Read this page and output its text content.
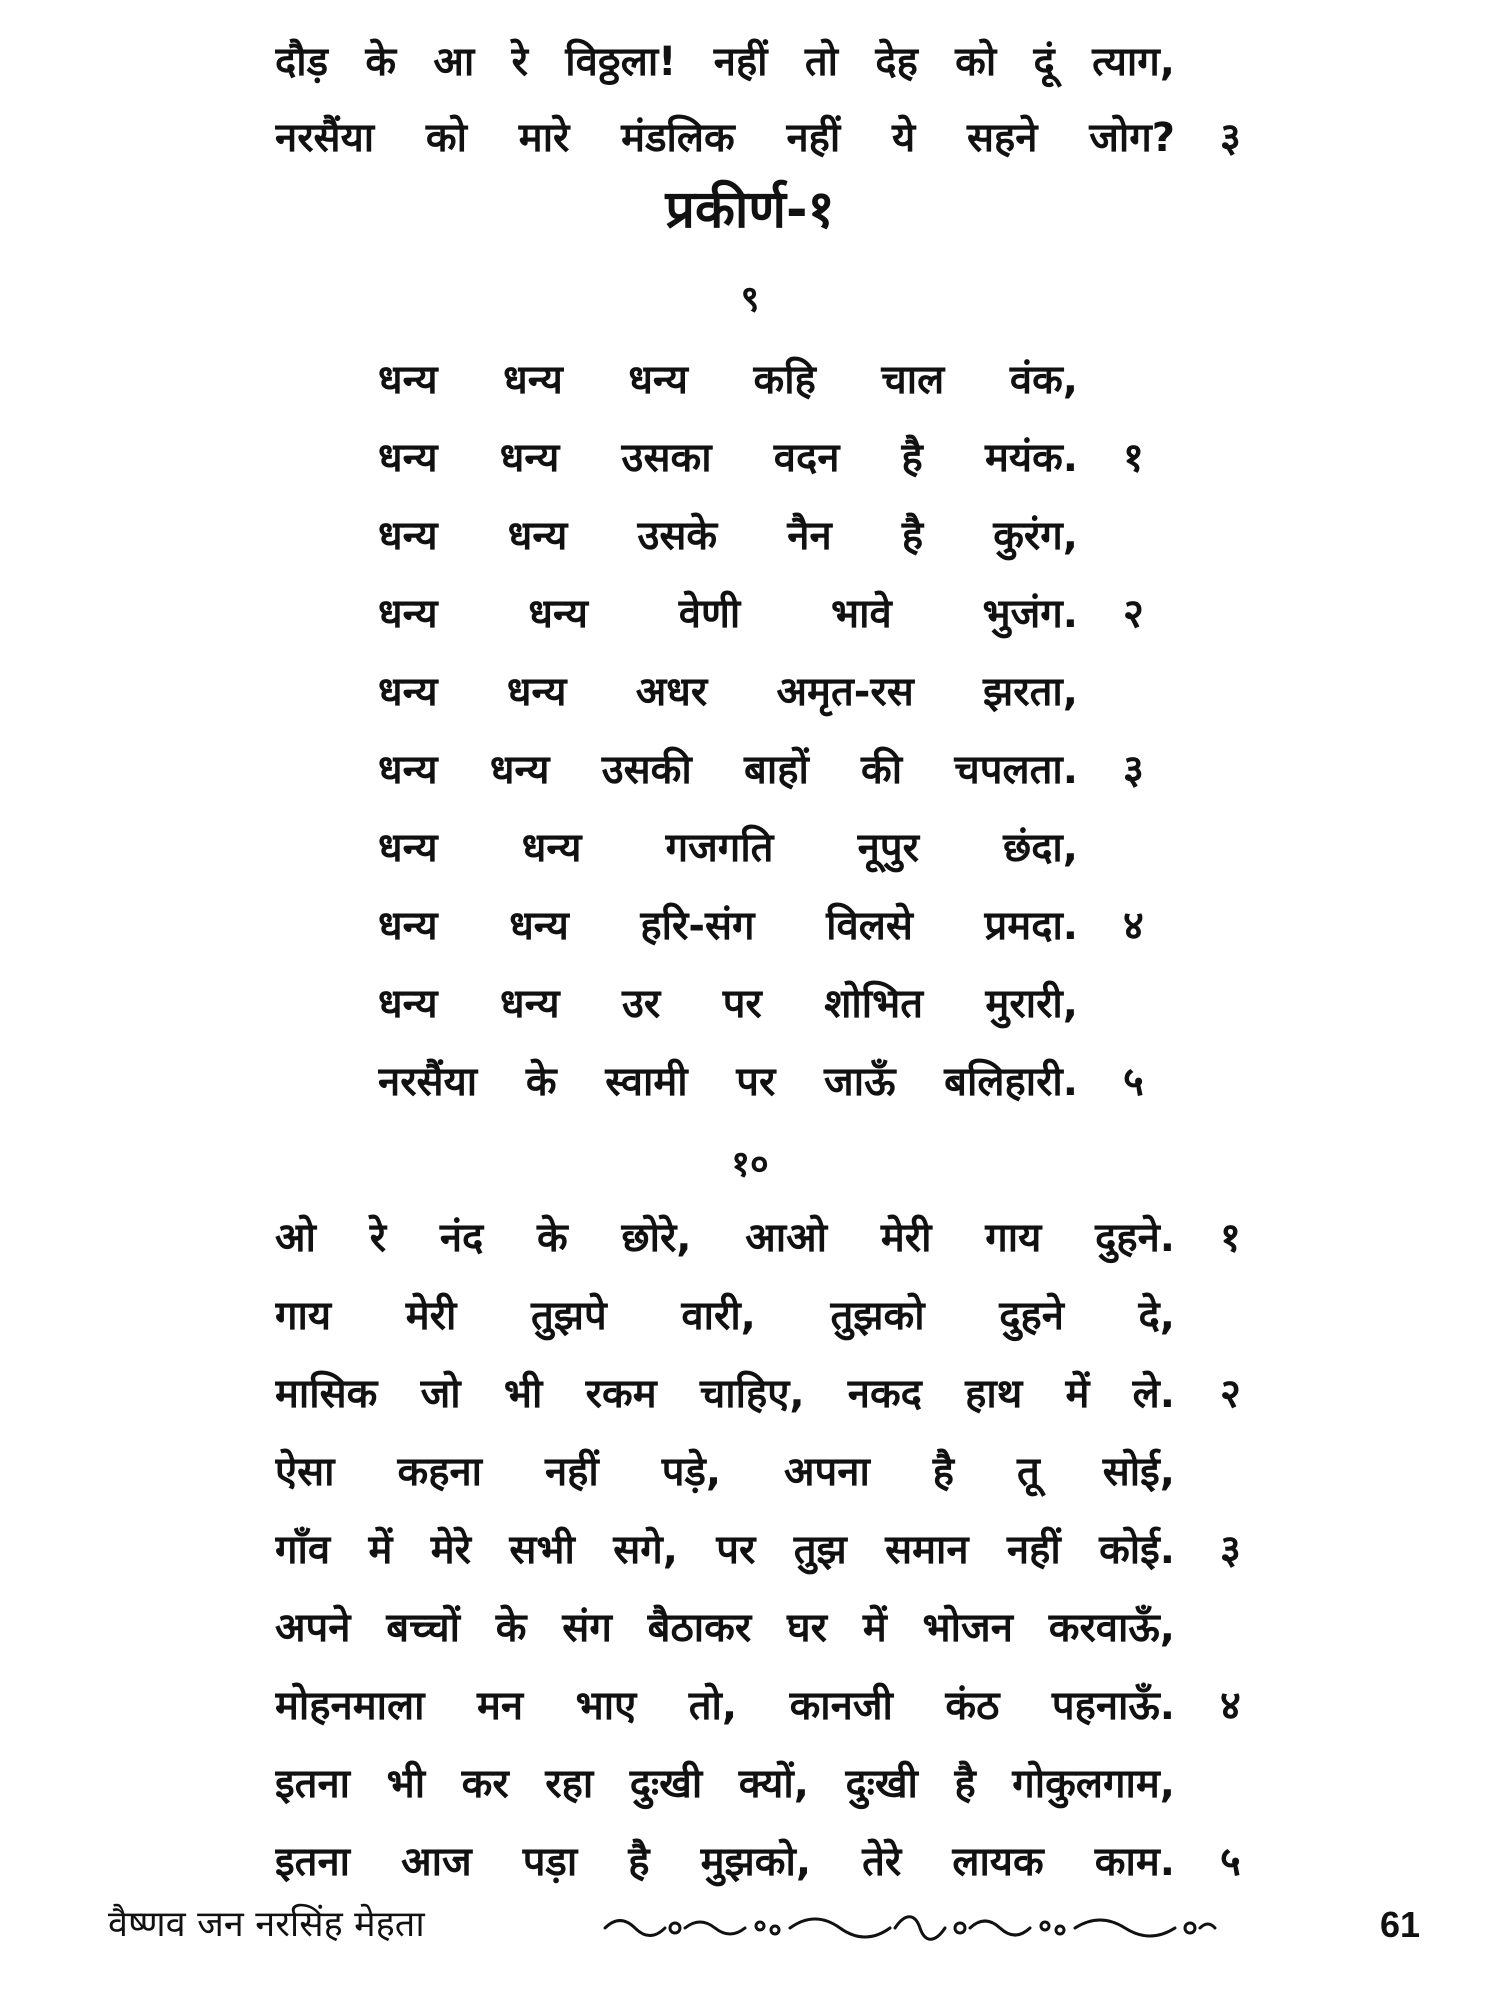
दौड़ के आ रे विठ्ठला! नहीं तो देह को दूं त्याग,
नरसैंया को मारे मंडलिक नहीं ये सहने जोग? ३
प्रकीर्ण-१
९
धन्य धन्य धन्य कहि चाल वंक,
धन्य धन्य उसका वदन है मयंक. १
धन्य धन्य उसके नैन है कुरंग,
धन्य धन्य वेणी भावे भुजंग. २
धन्य धन्य अधर अमृत-रस झरता,
धन्य धन्य उसकी बाहों की चपलता. ३
धन्य धन्य गजगति नूपुर छंदा,
धन्य धन्य हरि-संग विलसे प्रमदा. ४
धन्य धन्य उर पर शोभित मुरारी,
नरसैंया के स्वामी पर जाऊँ बलिहारी. ५
१०
ओ रे नंद के छोरे, आओ मेरी गाय दुहने. १
गाय मेरी तुझपे वारी, तुझको दुहने दे,
मासिक जो भी रकम चाहिए, नकद हाथ में ले. २
ऐसा कहना नहीं पड़े, अपना है तू सोई,
गाँव में मेरे सभी सगे, पर तुझ समान नहीं कोई. ३
अपने बच्चों के संग बैठाकर घर में भोजन करवाऊँ,
मोहनमाला मन भाए तो, कानजी कंठ पहनाऊँ. ४
इतना भी कर रहा दुःखी क्यों, दुःखी है गोकुलगाम,
इतना आज पड़ा है मुझको, तेरे लायक काम. ५
वैष्णव जन नरसिंह मेहता	61
